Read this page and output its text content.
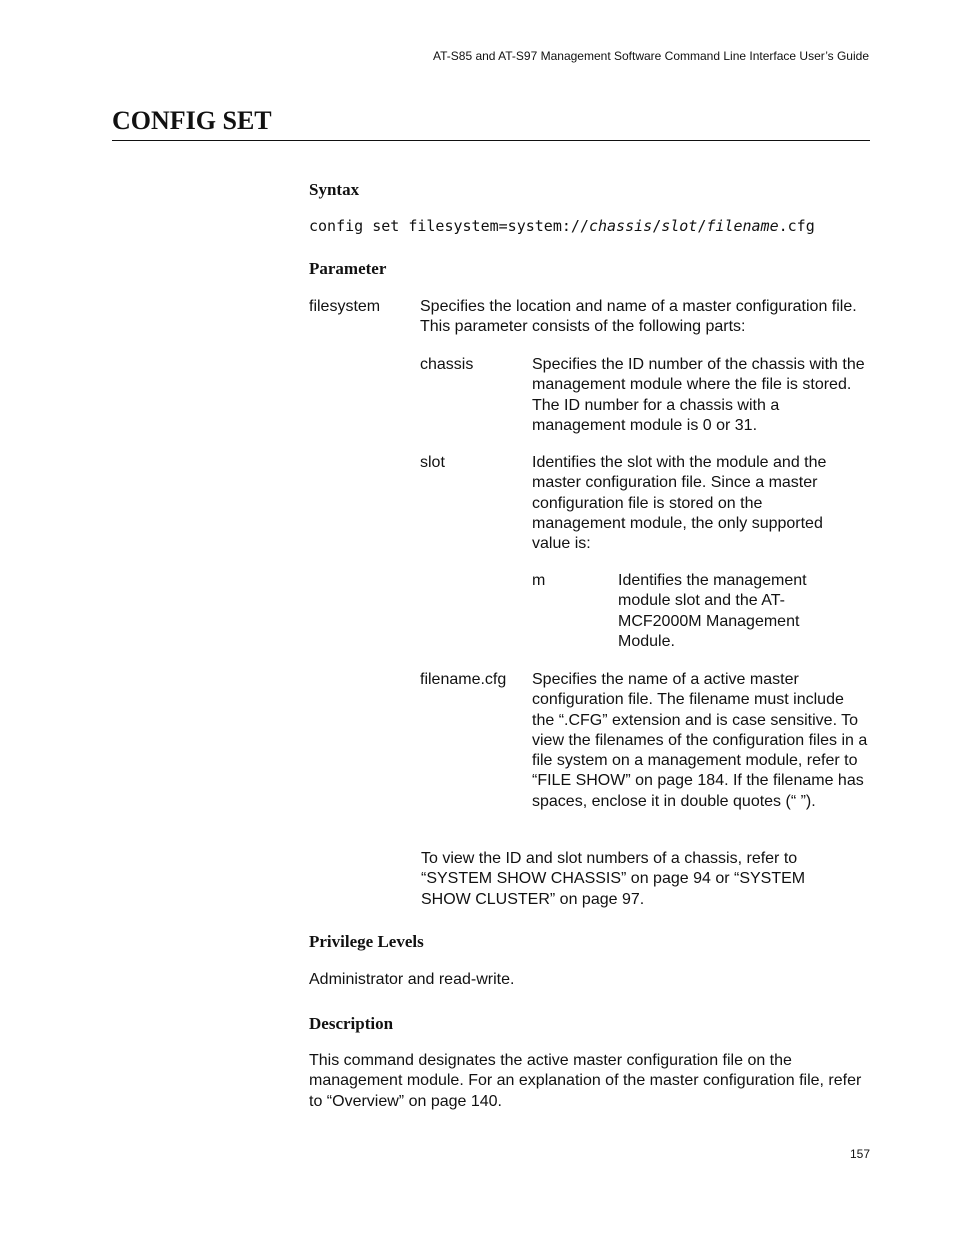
AT-S85 and AT-S97 Management Software Command Line Interface User’s Guide
CONFIG SET
Syntax
config set filesystem=system://chassis/slot/filename.cfg
Parameter
filesystem Specifies the location and name of a master configuration file. This parameter consists of the following parts:
chassis	Specifies the ID number of the chassis with the management module where the file is stored. The ID number for a chassis with a management module is 0 or 31.
slot	Identifies the slot with the module and the master configuration file. Since a master configuration file is stored on the management module, the only supported value is:
m	Identifies the management module slot and the AT-MCF2000M Management Module.
filename.cfg Specifies the name of a active master configuration file. The filename must include the “.CFG” extension and is case sensitive. To view the filenames of the configuration files in a file system on a management module, refer to “FILE SHOW” on page 184. If the filename has spaces, enclose it in double quotes (“ ”).
To view the ID and slot numbers of a chassis, refer to “SYSTEM SHOW CHASSIS” on page 94 or “SYSTEM SHOW CLUSTER” on page 97.
Privilege Levels
Administrator and read-write.
Description
This command designates the active master configuration file on the management module. For an explanation of the master configuration file, refer to “Overview” on page 140.
157
